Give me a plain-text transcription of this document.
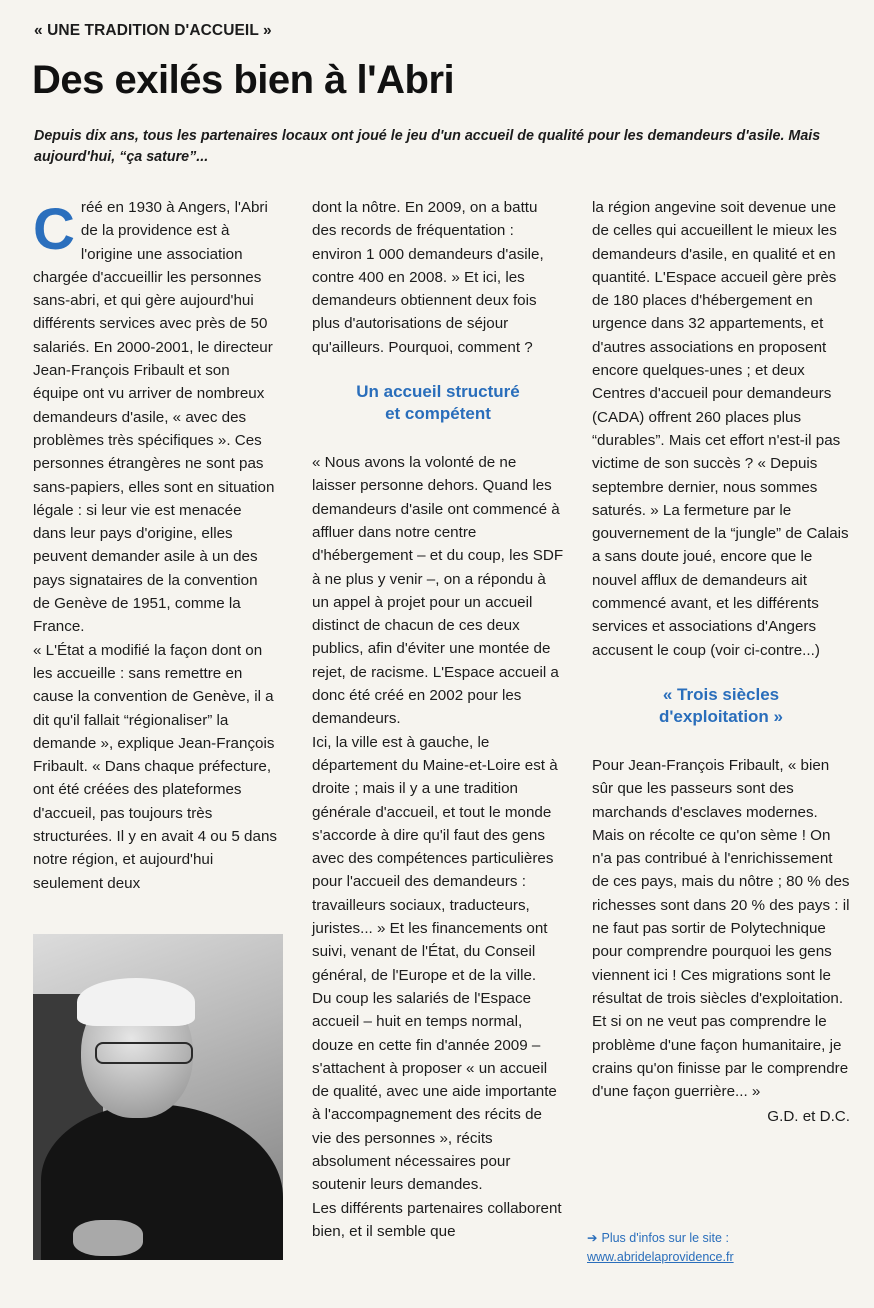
« UNE TRADITION D'ACCUEIL »
Des exilés bien à l'Abri
Depuis dix ans, tous les partenaires locaux ont joué le jeu d'un accueil de qualité pour les demandeurs d'asile. Mais aujourd'hui, “ça sature”...
C réé en 1930 à Angers, l'Abri de la providence est à l'origine une association chargée d'accueillir les personnes sans-abri, et qui gère aujourd'hui différents services avec près de 50 salariés. En 2000-2001, le directeur Jean-François Fribault et son équipe ont vu arriver de nombreux demandeurs d'asile, « avec des problèmes très spécifiques ». Ces personnes étrangères ne sont pas sans-papiers, elles sont en situation légale : si leur vie est menacée dans leur pays d'origine, elles peuvent demander asile à un des pays signataires de la convention de Genève de 1951, comme la France.

« L'État a modifié la façon dont on les accueille : sans remettre en cause la convention de Genève, il a dit qu'il fallait “régionaliser” la demande », explique Jean-François Fribault. « Dans chaque préfecture, ont été créées des plateformes d'accueil, pas toujours très structurées. Il y en avait 4 ou 5 dans notre région, et aujourd'hui seulement deux

dont la nôtre. En 2009, on a battu des records de fréquentation : environ 1 000 demandeurs d'asile, contre 400 en 2008. » Et ici, les demandeurs obtiennent deux fois plus d'autorisations de séjour qu'ailleurs. Pourquoi, comment ?

Un accueil structuré
et compétent

« Nous avons la volonté de ne laisser personne dehors. Quand les demandeurs d'asile ont commencé à affluer dans notre centre d'hébergement – et du coup, les SDF à ne plus y venir –, on a répondu à un appel à projet pour un accueil distinct de chacun de ces deux publics, afin d'éviter une montée de rejet, de racisme. L'Espace accueil a donc été créé en 2002 pour les demandeurs.

Ici, la ville est à gauche, le département du Maine-et-Loire est à droite ; mais il y a une tradition générale d'accueil, et tout le monde s'accorde à dire qu'il faut des gens avec des compétences particulières pour l'accueil des demandeurs : travailleurs sociaux, traducteurs, juristes... » Et les financements ont suivi, venant de l'État, du Conseil général, de l'Europe et de la ville.

Du coup les salariés de l'Espace accueil – huit en temps normal, douze en cette fin d'année 2009 – s'attachent à proposer « un accueil de qualité, avec une aide importante à l'accompagnement des récits de vie des personnes », récits absolument nécessaires pour soutenir leurs demandes.

Les différents partenaires collaborent bien, et il semble que

la région angevine soit devenue une de celles qui accueillent le mieux les demandeurs d'asile, en qualité et en quantité. L'Espace accueil gère près de 180 places d'hébergement en urgence dans 32 appartements, et d'autres associations en proposent encore quelques-unes ; et deux Centres d'accueil pour demandeurs (CADA) offrent 260 places plus “durables”. Mais cet effort n'est-il pas victime de son succès ? « Depuis septembre dernier, nous sommes saturés. » La fermeture par le gouvernement de la “jungle” de Calais a sans doute joué, encore que le nouvel afflux de demandeurs ait commencé avant, et les différents services et associations d'Angers accusent le coup (voir ci-contre...)

« Trois siècles
d'exploitation »

Pour Jean-François Fribault, « bien sûr que les passeurs sont des marchands d'esclaves modernes. Mais on récolte ce qu'on sème ! On n'a pas contribué à l'enrichissement de ces pays, mais du nôtre ; 80 % des richesses sont dans 20 % des pays : il ne faut pas sortir de Polytechnique pour comprendre pourquoi les gens viennent ici ! Ces migrations sont le résultat de trois siècles d'exploitation. Et si on ne veut pas comprendre le problème d'une façon humanitaire, je crains qu'on finisse par le comprendre d'une façon guerrière... »

G.D. et D.C.

➔ Plus d'infos sur le site :
www.abridelaprovidence.fr
